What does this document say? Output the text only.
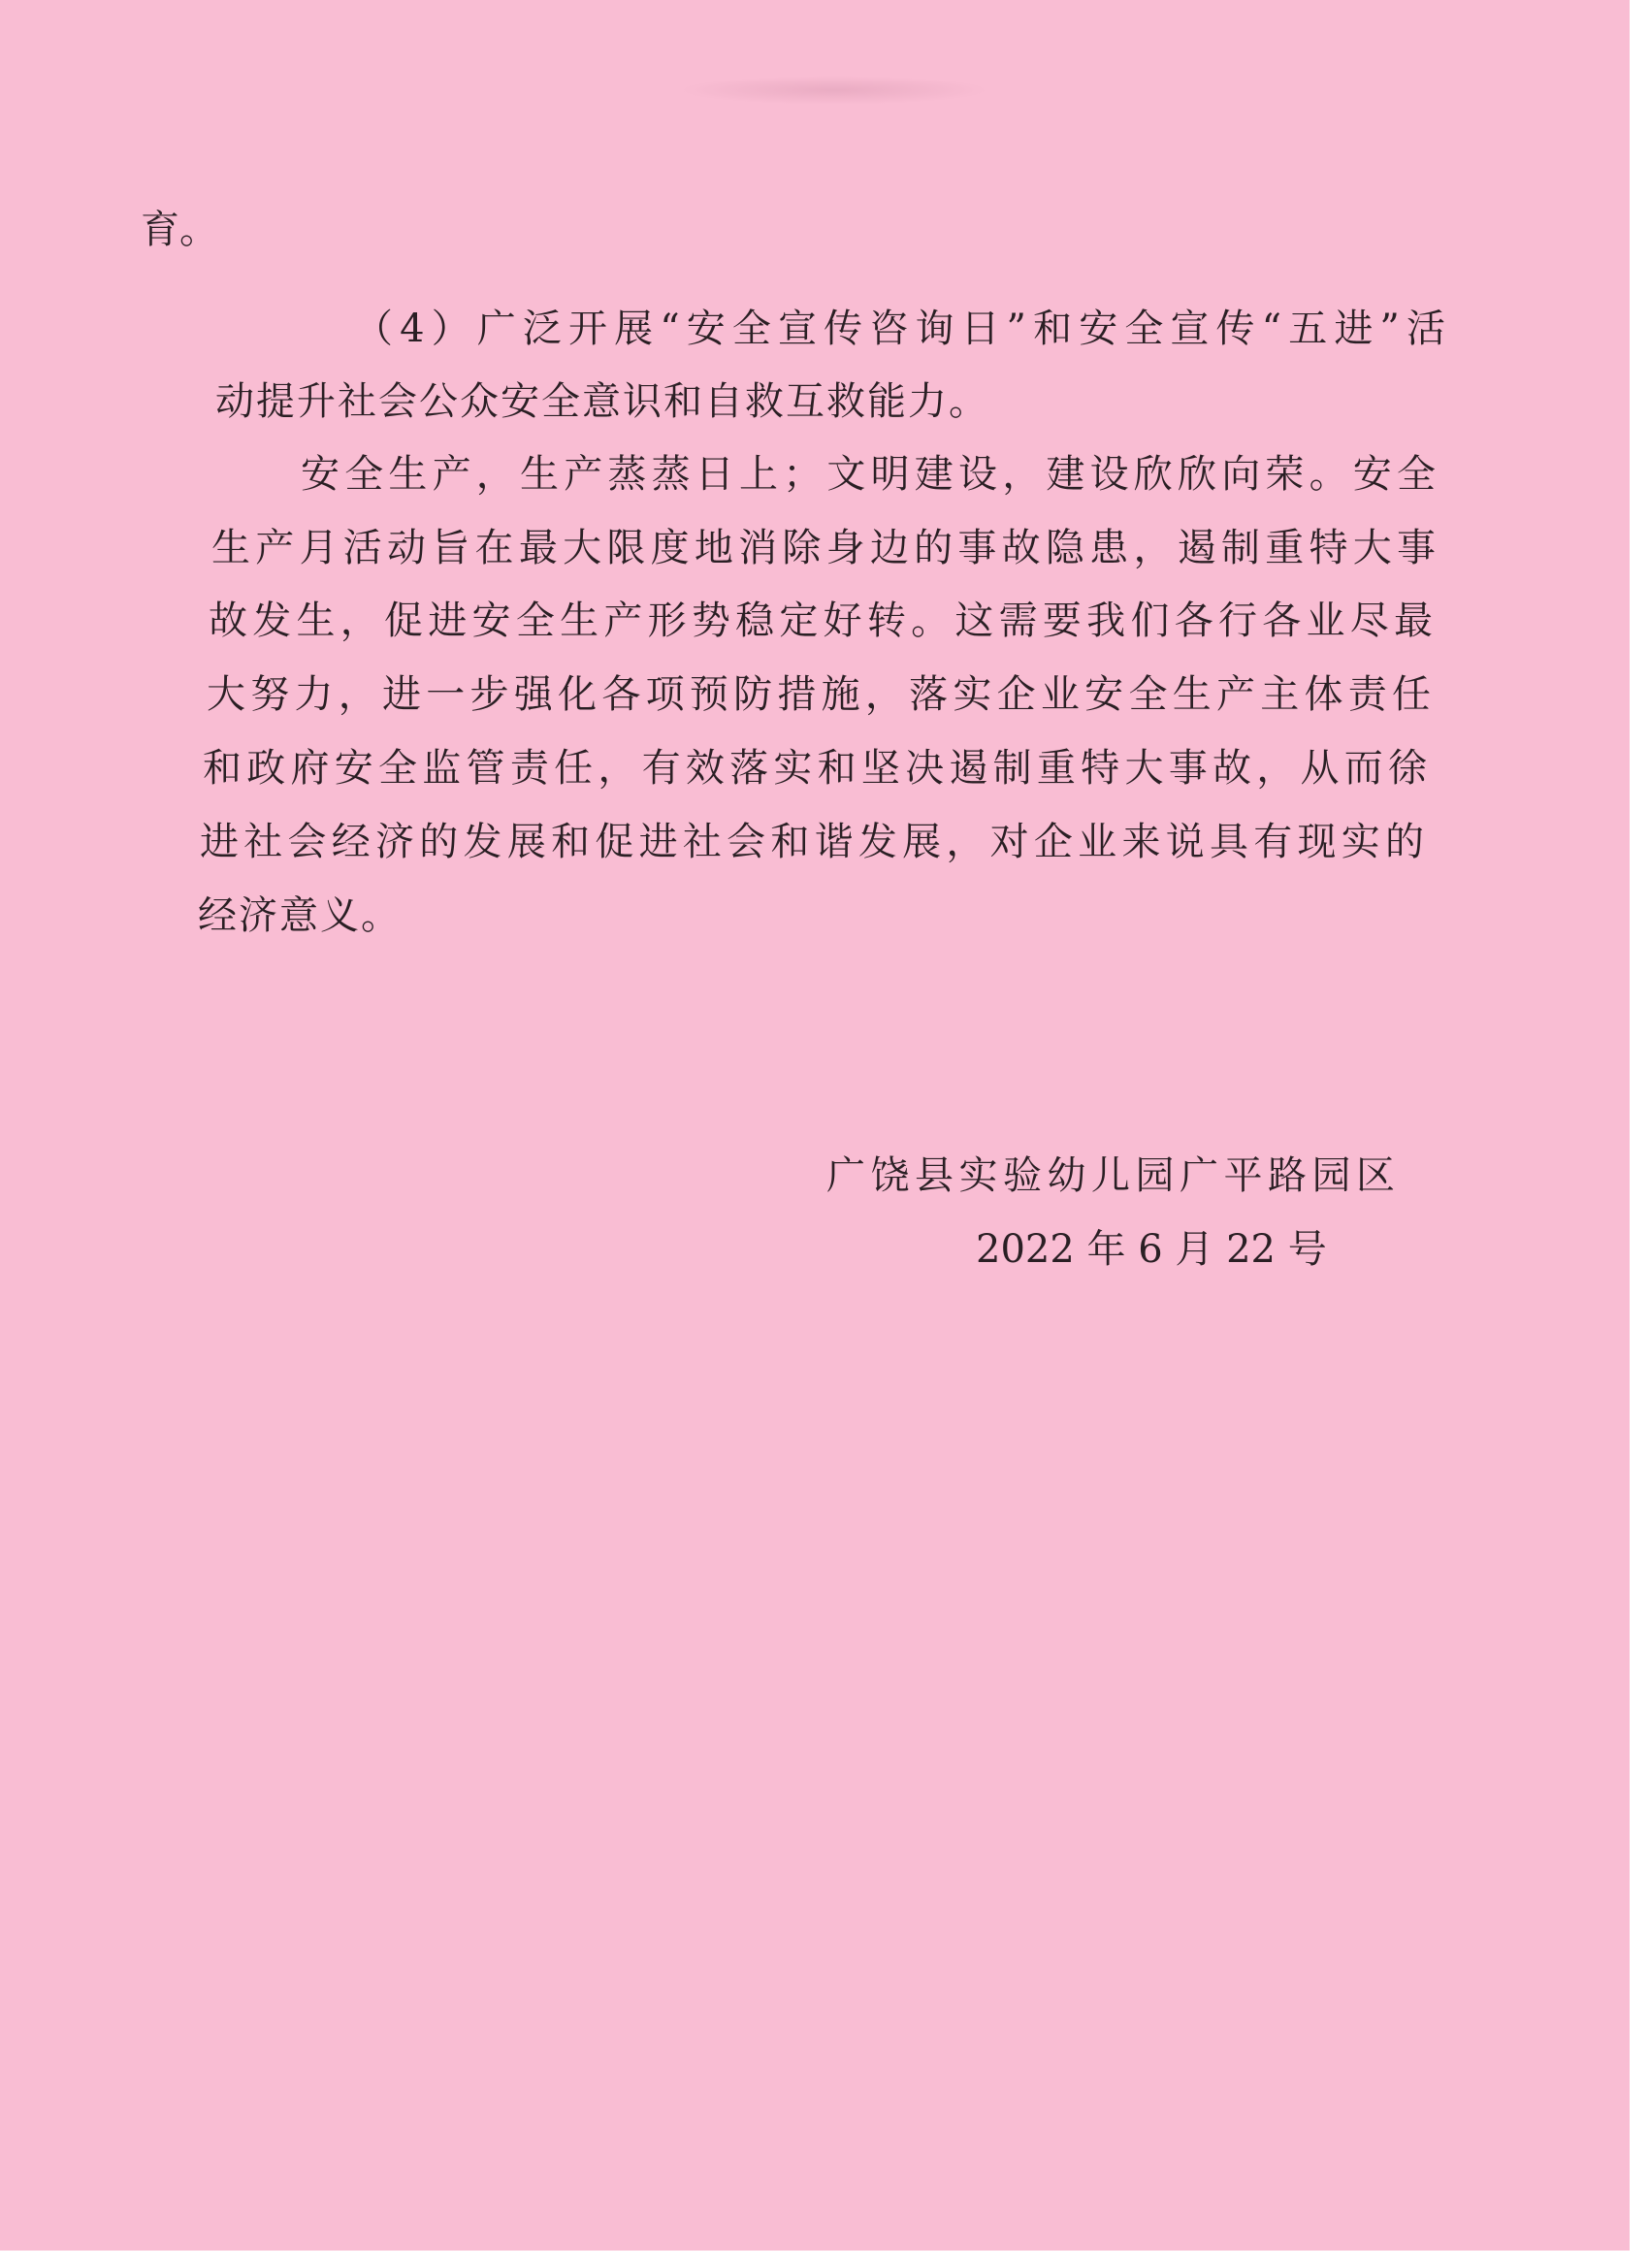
育。

（4）广泛开展“安全宣传咨询日”和安全宣传“五进”活

动提升社会公众安全意识和自救互救能力。

安全生产，生产蒸蒸日上；文明建设，建设欣欣向荣。安全

生产月活动旨在最大限度地消除身边的事故隐患，遏制重特大事

故发生，促进安全生产形势稳定好转。这需要我们各行各业尽最

大努力，进一步强化各项预防措施，落实企业安全生产主体责任

和政府安全监管责任，有效落实和坚决遏制重特大事故，从而徐

进社会经济的发展和促进社会和谐发展，对企业来说具有现实的

经济意义。

广饶县实验幼儿园广平路园区

2022 年 6 月 22 号
